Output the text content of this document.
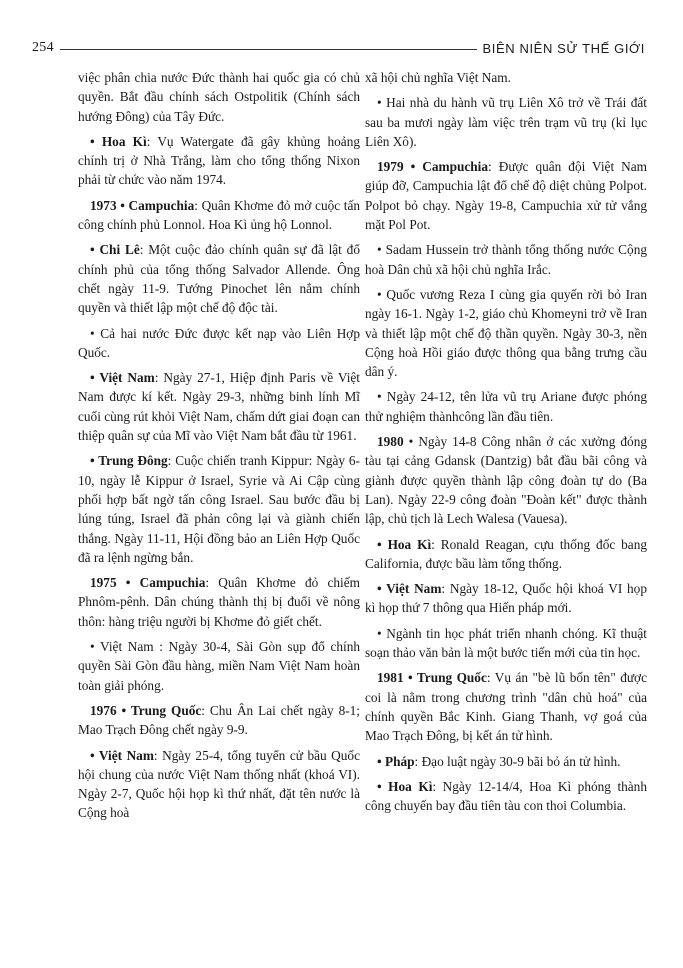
254	BIÊN NIÊN SỬ THẾ GIỚI

việc phân chia nước Đức thành hai quốc gia có chủ quyền. Bắt đầu chính sách Ostpolitik (Chính sách hướng Đông) của Tây Đức.

• Hoa Kì: Vụ Watergate đã gây khủng hoảng chính trị ở Nhà Trắng, làm cho tổng thống Nixon phải từ chức vào năm 1974.

1973 • Campuchia: Quân Khơme đỏ mở cuộc tấn công chính phủ Lonnol. Hoa Kì ủng hộ Lonnol.

• Chi Lê: Một cuộc đảo chính quân sự đã lật đổ chính phủ của tổng thống Salvador Allende. Ông chết ngày 11-9. Tướng Pinochet lên nắm chính quyền và thiết lập một chế độ độc tài.

• Cả hai nước Đức được kết nạp vào Liên Hợp Quốc.

• Việt Nam: Ngày 27-1, Hiệp định Paris về Việt Nam được kí kết. Ngày 29-3, những binh lính Mĩ cuối cùng rút khỏi Việt Nam, chấm dứt giai đoạn can thiệp quân sự của Mĩ vào Việt Nam bắt đầu từ 1961.

• Trung Đông: Cuộc chiến tranh Kippur: Ngày 6-10, ngày lễ Kippur ở Israel, Syrie và Ai Cập cùng phối hợp bất ngờ tấn công Israel. Sau bước đầu bị lúng túng, Israel đã phản công lại và giành chiến thắng. Ngày 11-11, Hội đồng bảo an Liên Hợp Quốc đã ra lệnh ngừng bắn.

1975 • Campuchia: Quân Khơme đỏ chiếm Phnôm-pênh. Dân chúng thành thị bị đuổi về nông thôn: hàng triệu người bị Khơme đỏ giết chết.

• Việt Nam : Ngày 30-4, Sài Gòn sụp đổ chính quyền Sài Gòn đầu hàng, miền Nam Việt Nam hoàn toàn giải phóng.

1976 • Trung Quốc: Chu Ân Lai chết ngày 8-1; Mao Trạch Đông chết ngày 9-9.

• Việt Nam: Ngày 25-4, tổng tuyển cử bầu Quốc hội chung của nước Việt Nam thống nhất (khoá VI). Ngày 2-7, Quốc hội họp kì thứ nhất, đặt tên nước là Cộng hoà

xã hội chủ nghĩa Việt Nam.

• Hai nhà du hành vũ trụ Liên Xô trở về Trái đất sau ba mươi ngày làm việc trên trạm vũ trụ (kỉ lục Liên Xô).

1979 • Campuchia: Được quân đội Việt Nam giúp đỡ, Campuchia lật đổ chế độ diệt chủng Polpot. Polpot bỏ chạy. Ngày 19-8, Campuchia xử tử vắng mặt Pol Pot.

• Sadam Hussein trở thành tổng thống nước Cộng hoà Dân chủ xã hội chủ nghĩa Irắc.

• Quốc vương Reza I cùng gia quyến rời bỏ Iran ngày 16-1. Ngày 1-2, giáo chủ Khomeyni trở về Iran và thiết lập một chế độ thần quyền. Ngày 30-3, nền Cộng hoà Hồi giáo được thông qua bằng trưng cầu dân ý.

• Ngày 24-12, tên lửa vũ trụ Ariane được phóng thử nghiệm thànhcông lần đầu tiên.

1980 • Ngày 14-8 Công nhân ở các xưởng đóng tàu tại cảng Gdansk (Dantzig) bắt đầu bãi công và giành được quyền thành lập công đoàn tự do (Ba Lan). Ngày 22-9 công đoàn "Đoàn kết" được thành lập, chủ tịch là Lech Walesa (Vauesa).

• Hoa Kì: Ronald Reagan, cựu thống đốc bang California, được bầu làm tổng thống.

• Việt Nam: Ngày 18-12, Quốc hội khoá VI họp kì họp thứ 7 thông qua Hiến pháp mới.

• Ngành tin học phát triển nhanh chóng. Kĩ thuật soạn thảo văn bản là một bước tiến mới của tin học.

1981 • Trung Quốc: Vụ án "bè lũ bốn tên" được coi là nằm trong chương trình "dân chủ hoá" của chính quyền Bắc Kinh. Giang Thanh, vợ goá của Mao Trạch Đông, bị kết án tử hình.

• Pháp: Đạo luật ngày 30-9 bãi bỏ án tử hình.

• Hoa Kì: Ngày 12-14/4, Hoa Kì phóng thành công chuyến bay đầu tiên tàu con thoi Columbia.
